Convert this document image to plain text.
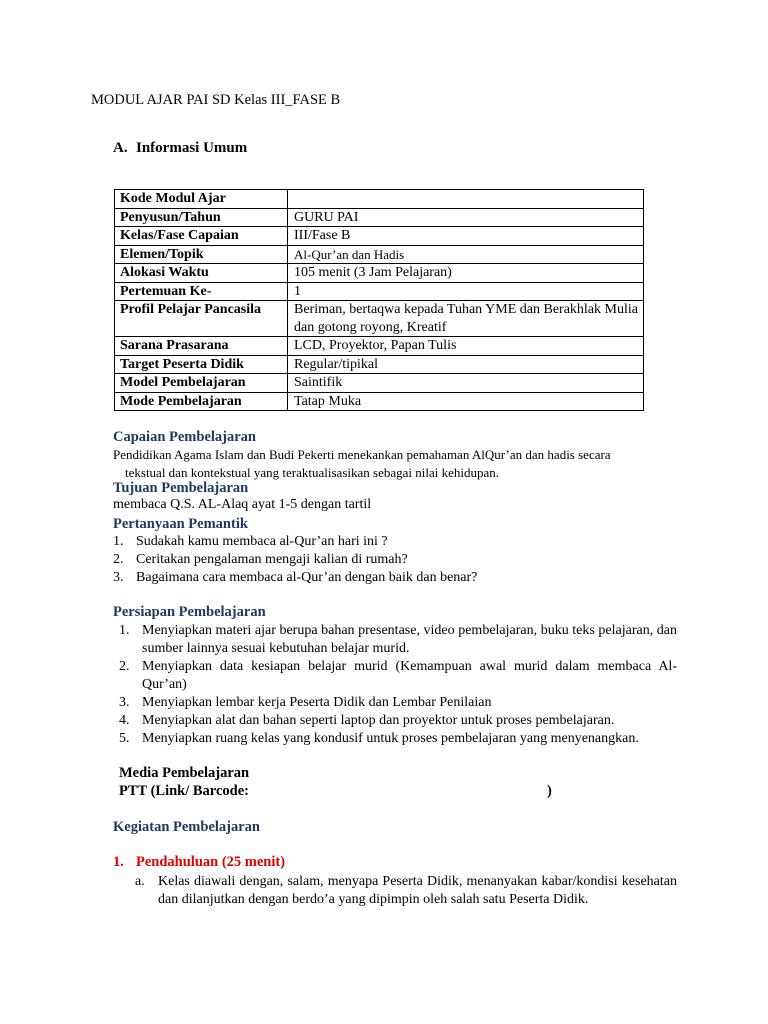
MODUL AJAR PAI SD Kelas III_FASE B
A. Informasi Umum
Kode Modul Ajar	
Penyusun/Tahun	GURU PAI
Kelas/Fase Capaian	III/Fase B
Elemen/Topik	Al-Qur’an dan Hadis
Alokasi Waktu	105 menit (3 Jam Pelajaran)
Pertemuan Ke-	1
Profil Pelajar Pancasila	Beriman, bertaqwa kepada Tuhan YME dan Berakhlak Mulia dan gotong royong, Kreatif
Sarana Prasarana	LCD, Proyektor, Papan Tulis
Target Peserta Didik	Regular/tipikal
Model Pembelajaran	Saintifik
Mode Pembelajaran	Tatap Muka
Capaian Pembelajaran
Pendidikan Agama Islam dan Budi Pekerti menekankan pemahaman AlQur’an dan hadis secara
tekstual dan kontekstual yang teraktualisasikan sebagai nilai kehidupan.
Tujuan Pembelajaran
membaca Q.S. AL-Alaq ayat 1-5 dengan tartil
Pertanyaan Pemantik
1. Sudakah kamu membaca al-Qur’an hari ini ?
2. Ceritakan pengalaman mengaji kalian di rumah?
3. Bagaimana cara membaca al-Qur’an dengan baik dan benar?
Persiapan Pembelajaran
1. Menyiapkan materi ajar berupa bahan presentase, video pembelajaran, buku teks pelajaran, dan sumber lainnya sesuai kebutuhan belajar murid.
2. Menyiapkan data kesiapan belajar murid (Kemampuan awal murid dalam membaca Al-Qur’an)
3. Menyiapkan lembar kerja Peserta Didik dan Lembar Penilaian
4. Menyiapkan alat dan bahan seperti laptop dan proyektor untuk proses pembelajaran.
5. Menyiapkan ruang kelas yang kondusif untuk proses pembelajaran yang menyenangkan.
Media Pembelajaran
PTT (Link/ Barcode:	)
Kegiatan Pembelajaran
1. Pendahuluan (25 menit)
a. Kelas diawali dengan, salam, menyapa Peserta Didik, menanyakan kabar/kondisi kesehatan dan dilanjutkan dengan berdo’a yang dipimpin oleh salah satu Peserta Didik.
